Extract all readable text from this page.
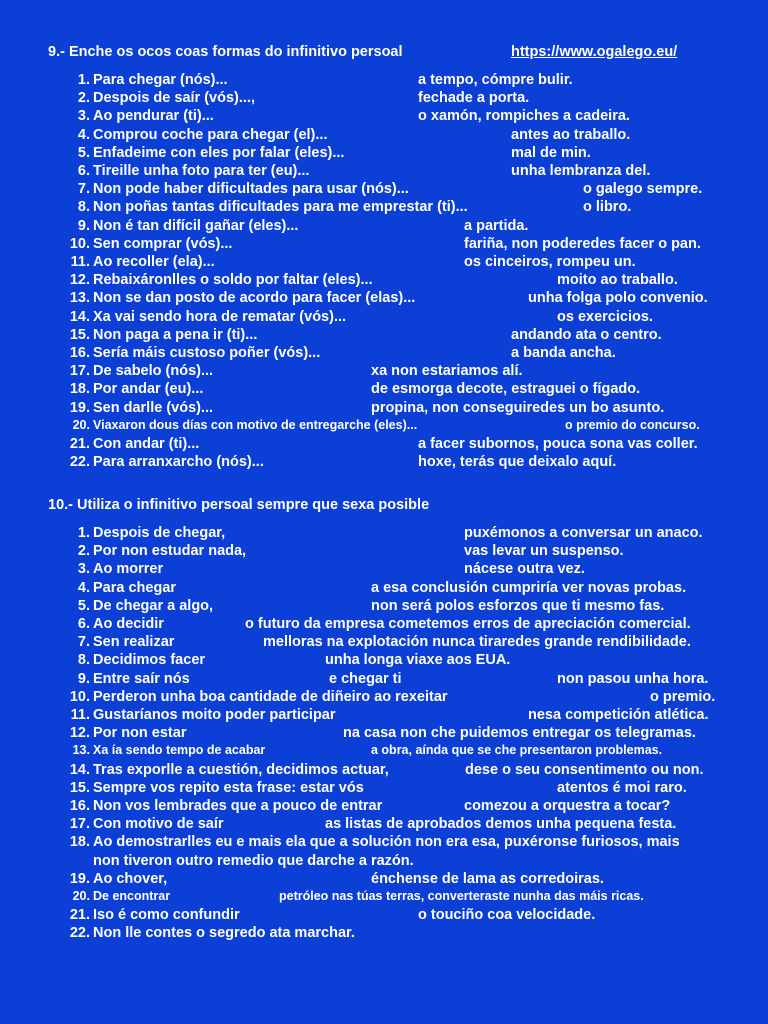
9.- Enche os ocos coas formas do infinitivo persoal	https://www.ogalego.eu/
1. Para chegar (nós)...	a tempo, cómpre bulir.
2. Despois de saír (vós)...,	fechade a porta.
3. Ao pendurar (ti)...	o xamón, rompiches a cadeira.
4. Comprou coche para chegar (el)...	antes ao traballo.
5. Enfadeime con eles por falar (eles)...	mal de min.
6. Tireille unha foto para ter (eu)...	unha lembranza del.
7. Non pode haber dificultades para usar (nós)...	o galego sempre.
8. Non poñas tantas dificultades para me emprestar (ti)...	o libro.
9. Non é tan difícil gañar (eles)...	a partida.
10. Sen comprar (vós)...	fariña, non poderedes facer o pan.
11. Ao recoller (ela)...	os cinceiros, rompeu un.
12. Rebaixáronlles o soldo por faltar (eles)...	moito ao traballo.
13. Non se dan posto de acordo para facer (elas)...	unha folga polo convenio.
14. Xa vai sendo hora de rematar (vós)...	os exercicios.
15. Non paga a pena ir (ti)...	andando ata o centro.
16. Sería máis custoso poñer (vós)...	a banda ancha.
17. De sabelo (nós)...	xa non estariamos alí.
18. Por andar (eu)...	de esmorga decote, estraguei o fígado.
19. Sen darlle (vós)...	propina, non conseguiredes un bo asunto.
20. Viaxaron dous días con motivo de entregarche (eles)...	o premio do concurso.
21. Con andar (ti)...	a facer subornos, pouca sona vas coller.
22. Para arranxarcho (nós)...	hoxe, terás que deixalo aquí.
10.- Utiliza o infinitivo persoal sempre que sexa posible
1. Despois de chegar,	puxémonos a conversar un anaco.
2. Por non estudar nada,	vas levar un suspenso.
3. Ao morrer	nácese outra vez.
4. Para chegar	a esa conclusión cumpriría ver novas probas.
5. De chegar a algo,	non será polos esforzos que ti mesmo fas.
6. Ao decidir	o futuro da empresa cometemos erros de apreciación comercial.
7. Sen realizar	melloras na explotación nunca tiraredes grande rendibilidade.
8. Decidimos facer	unha longa viaxe aos EUA.
9. Entre saír nós	e chegar ti	non pasou unha hora.
10. Perderon unha boa cantidade de diñeiro ao rexeitar	o premio.
11. Gustaríanos moito poder participar	nesa competición atlética.
12. Por non estar	na casa non che puidemos entregar os telegramas.
13. Xa ía sendo tempo de acabar	a obra, aínda que se che presentaron problemas.
14. Tras exporlle a cuestión, decidimos actuar,	dese o seu consentimento ou non.
15. Sempre vos repito esta frase: estar vós	atentos é moi raro.
16. Non vos lembrades que a pouco de entrar	comezou a orquestra a tocar?
17. Con motivo de saír	as listas de aprobados demos unha pequena festa.
18. Ao demostrarlles eu e mais ela que a solución non era esa, puxéronse furiosos, mais
non tiveron outro remedio que darche a razón.
19. Ao chover,	énchense de lama as corredoiras.
20. De encontrar	petróleo nas túas terras, converteraste nunha das máis ricas.
21. Iso é como confundir	o touciño coa velocidade.
22. Non lle contes o segredo ata marchar.
